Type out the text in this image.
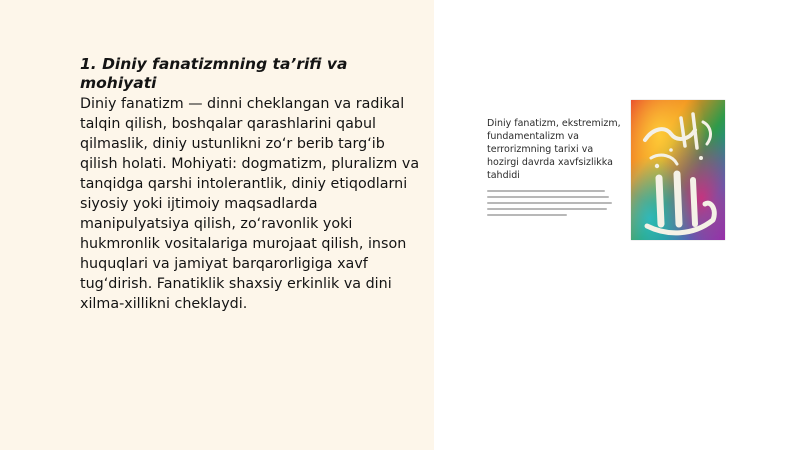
1. Diniy fanatizmning ta’rifi va mohiyati

Diniy fanatizm — dinni cheklangan va radikal talqin qilish, boshqalar qarashlarini qabul qilmaslik, diniy ustunlikni zo‘r berib targ‘ib qilish holati. Mohiyati: dogmatizm, pluralizm va tanqidga qarshi intolerantlik, diniy etiqodlarni siyosiy yoki ijtimoiy maqsadlarda manipulyatsiya qilish, zo‘ravonlik yoki hukmronlik vositalariga murojaat qilish, inson huquqlari va jamiyat barqarorligiga xavf tug‘dirish. Fanatiklik shaxsiy erkinlik va dini xilma-xillikni cheklaydi.

Diniy fanatizm, ekstremizm, fundamentalizm va terrorizmning tarixi va hozirgi davrda xavfsizlikka tahdidi
